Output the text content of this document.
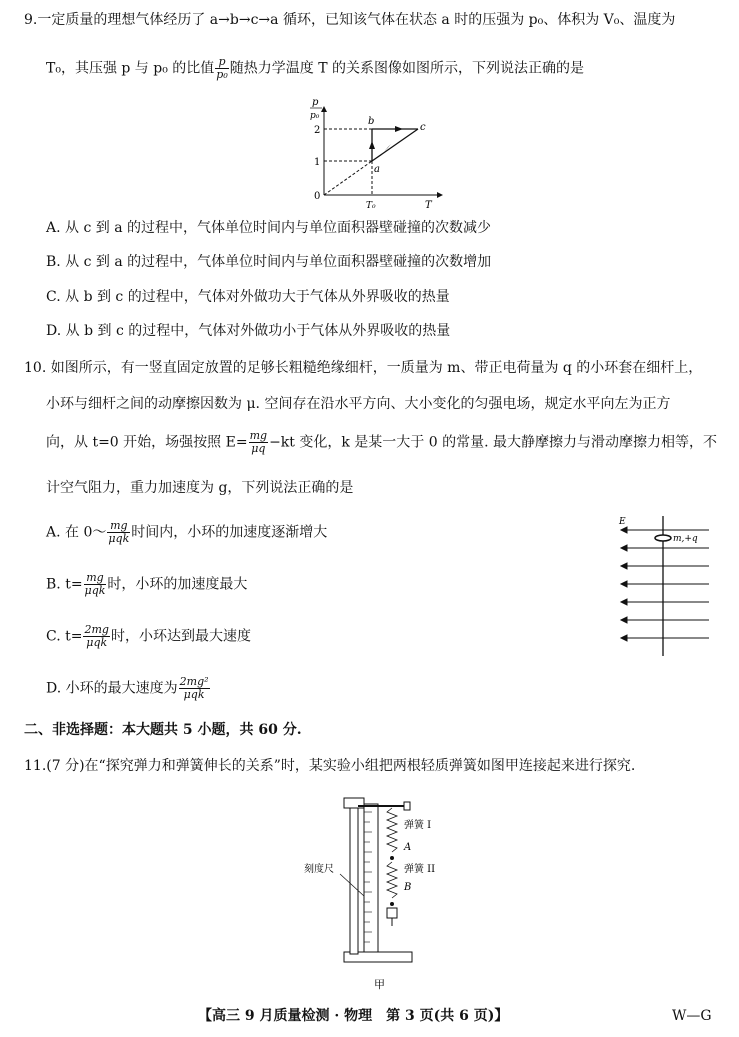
9.一定质量的理想气体经历了 a→b→c→a 循环，已知该气体在状态 a 时的压强为 p₀、体积为 V₀、温度为
T₀，其压强 p 与 p₀ 的比值 $\frac{p}{\text{p₀}}$ 随热力学温度 T 的关系图像如图所示，下列说法正确的是
p
p₀
2
1
0
T₀	T
a
b
c
A. 从 c 到 a 的过程中，气体单位时间内与单位面积器壁碰撞的次数减少
B. 从 c 到 a 的过程中，气体单位时间内与单位面积器壁碰撞的次数增加
C. 从 b 到 c 的过程中，气体对外做功大于气体从外界吸收的热量
D. 从 b 到 c 的过程中，气体对外做功小于气体从外界吸收的热量
10. 如图所示，有一竖直固定放置的足够长粗糙绝缘细杆，一质量为 m、带正电荷量为 q 的小环套在细杆上，
小环与细杆之间的动摩擦因数为 μ. 空间存在沿水平方向、大小变化的匀强电场，规定水平向左为正方
向，从 t=0 开始，场强按照 $E= \frac{mg}{\mu q} -kt$ 变化，k 是某一大于 0 的常量. 最大静摩擦力与滑动摩擦力相等，不
计空气阻力，重力加速度为 g，下列说法正确的是
A. 在 0～ $\frac{mg}{\text{μqk}}$ 时间内，小环的加速度逐渐增大
B. $t= \frac{mg}{\text{μqk}}$ 时，小环的加速度最大
C. $t= \frac{2mg}{\text{μqk}}$ 时，小环达到最大速度
D. 小环的最大速度为 $\frac{\text{2mg²}}{\text{μqk}}$
E
m,+q
二、非选择题：本大题共 5 小题，共 60 分.
11.(7 分)在“探究弹力和弹簧伸长的关系”时，某实验小组把两根轻质弹簧如图甲连接起来进行探究.
弹簧 I
A
弹簧 II
B
刻度尺
甲
【高三 9 月质量检测 · 物理　第 3 页(共 6 页)】	W—G
